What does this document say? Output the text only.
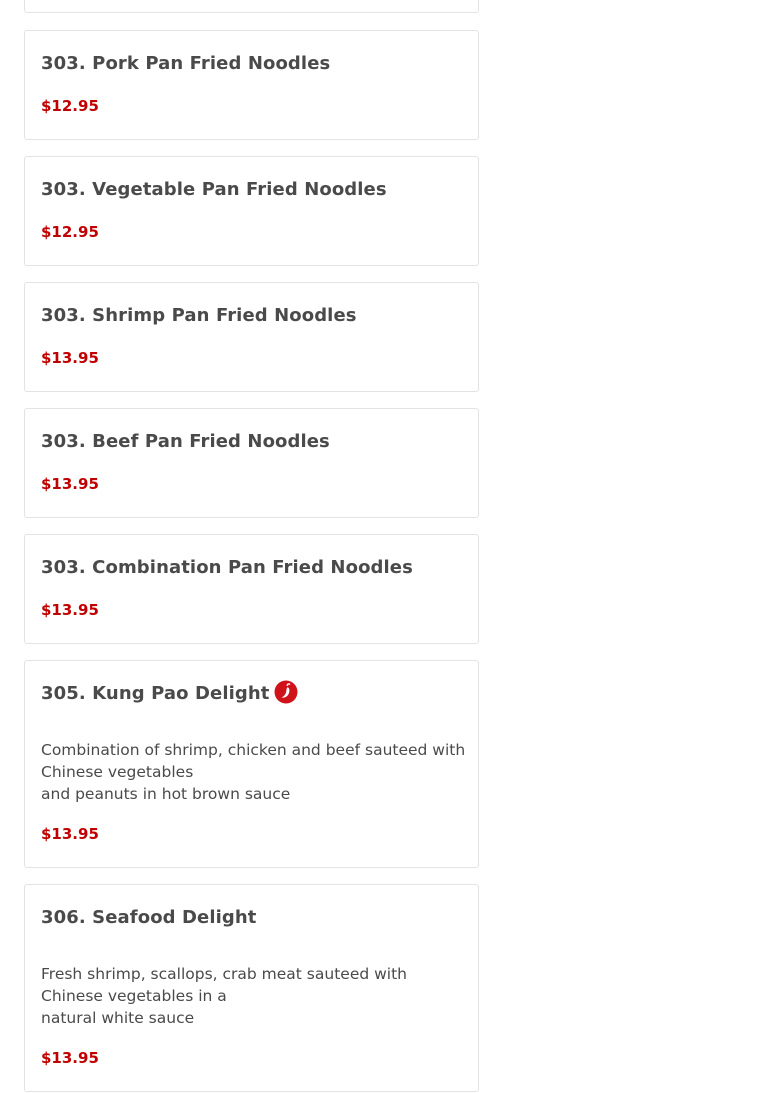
303. Pork Pan Fried Noodles
$12.95
303. Vegetable Pan Fried Noodles
$12.95
303. Shrimp Pan Fried Noodles
$13.95
303. Beef Pan Fried Noodles
$13.95
303. Combination Pan Fried Noodles
$13.95
305. Kung Pao Delight
Combination of shrimp, chicken and beef sauteed with Chinese vegetables
and peanuts in hot brown sauce
$13.95
306. Seafood Delight
Fresh shrimp, scallops, crab meat sauteed with Chinese vegetables in a
natural white sauce
$13.95
